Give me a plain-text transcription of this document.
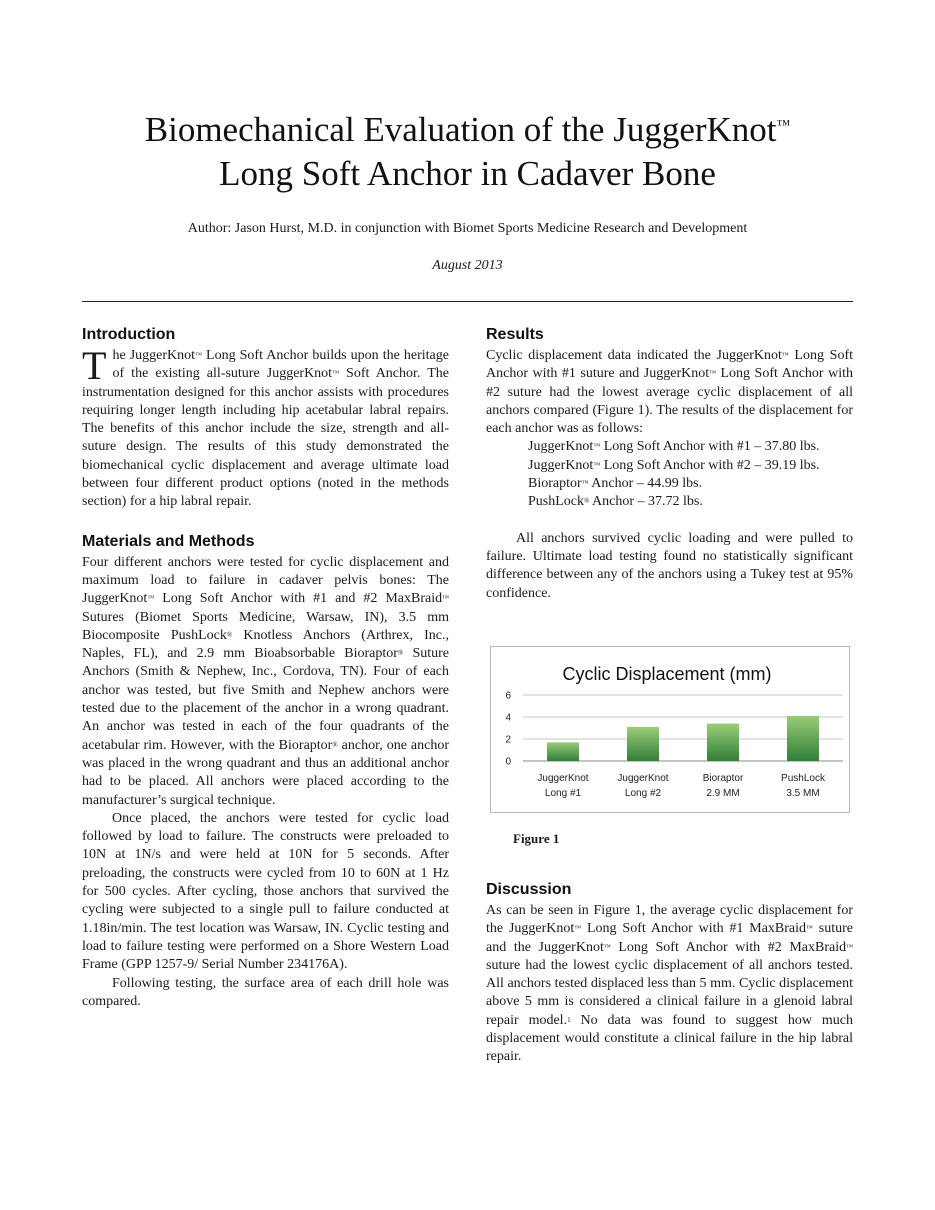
Biomechanical Evaluation of the JuggerKnot™
Long Soft Anchor in Cadaver Bone

Author: Jason Hurst, M.D. in conjunction with Biomet Sports Medicine Research and Development

August 2013

Introduction

The JuggerKnot™ Long Soft Anchor builds upon the heritage of the existing all-suture JuggerKnot™ Soft Anchor. The instrumentation designed for this anchor assists with procedures requiring longer length including hip acetabular labral repairs. The benefits of this anchor include the size, strength and all-suture design. The results of this study demonstrated the biomechanical cyclic displacement and average ultimate load between four different product options (noted in the methods section) for a hip labral repair.

Materials and Methods

Four different anchors were tested for cyclic displacement and maximum load to failure in cadaver pelvis bones: The JuggerKnot™ Long Soft Anchor with #1 and #2 MaxBraid™ Sutures (Biomet Sports Medicine, Warsaw, IN), 3.5 mm Biocomposite PushLock® Knotless Anchors (Arthrex, Inc., Naples, FL), and 2.9 mm Bioabsorbable Bioraptor® Suture Anchors (Smith & Nephew, Inc., Cordova, TN). Four of each anchor was tested, but five Smith and Nephew anchors were tested due to the placement of the anchor in a wrong quadrant. An anchor was tested in each of the four quadrants of the acetabular rim. However, with the Bioraptor® anchor, one anchor was placed in the wrong quadrant and thus an additional anchor had to be placed. All anchors were placed according to the manufacturer’s surgical technique.

Once placed, the anchors were tested for cyclic load followed by load to failure. The constructs were preloaded to 10N at 1N/s and were held at 10N for 5 seconds. After preloading, the constructs were cycled from 10 to 60N at 1 Hz for 500 cycles. After cycling, those anchors that survived the cycling were subjected to a single pull to failure conducted at 1.18in/min. The test location was Warsaw, IN. Cyclic testing and load to failure testing were performed on a Shore Western Load Frame (GPP 1257-9/ Serial Number 234176A).

Following testing, the surface area of each drill hole was compared.

Results

Cyclic displacement data indicated the JuggerKnot™ Long Soft Anchor with #1 suture and JuggerKnot™ Long Soft Anchor with #2 suture had the lowest average cyclic displacement of all anchors compared (Figure 1). The results of the displacement for each anchor was as follows:

JuggerKnot™ Long Soft Anchor with #1 – 37.80 lbs.
JuggerKnot™ Long Soft Anchor with #2 – 39.19 lbs.
Bioraptor™ Anchor – 44.99 lbs.
PushLock® Anchor – 37.72 lbs.

All anchors survived cyclic loading and were pulled to failure. Ultimate load testing found no statistically significant difference between any of the anchors using a Tukey test at 95% confidence.

Discussion

As can be seen in Figure 1, the average cyclic displacement for the JuggerKnot™ Long Soft Anchor with #1 MaxBraid™ suture and the JuggerKnot™ Long Soft Anchor with #2 MaxBraid™ suture had the lowest cyclic displacement of all anchors tested. All anchors tested displaced less than 5 mm. Cyclic displacement above 5 mm is considered a clinical failure in a glenoid labral repair model.$^1$ No data was found to suggest how much displacement would constitute a clinical failure in the hip labral repair.

Cyclic Displacement (mm)
0
2
4
6
JuggerKnot
Long #1
JuggerKnot
Long #2
Bioraptor
2.9 MM
PushLock
3.5 MM

Figure 1
